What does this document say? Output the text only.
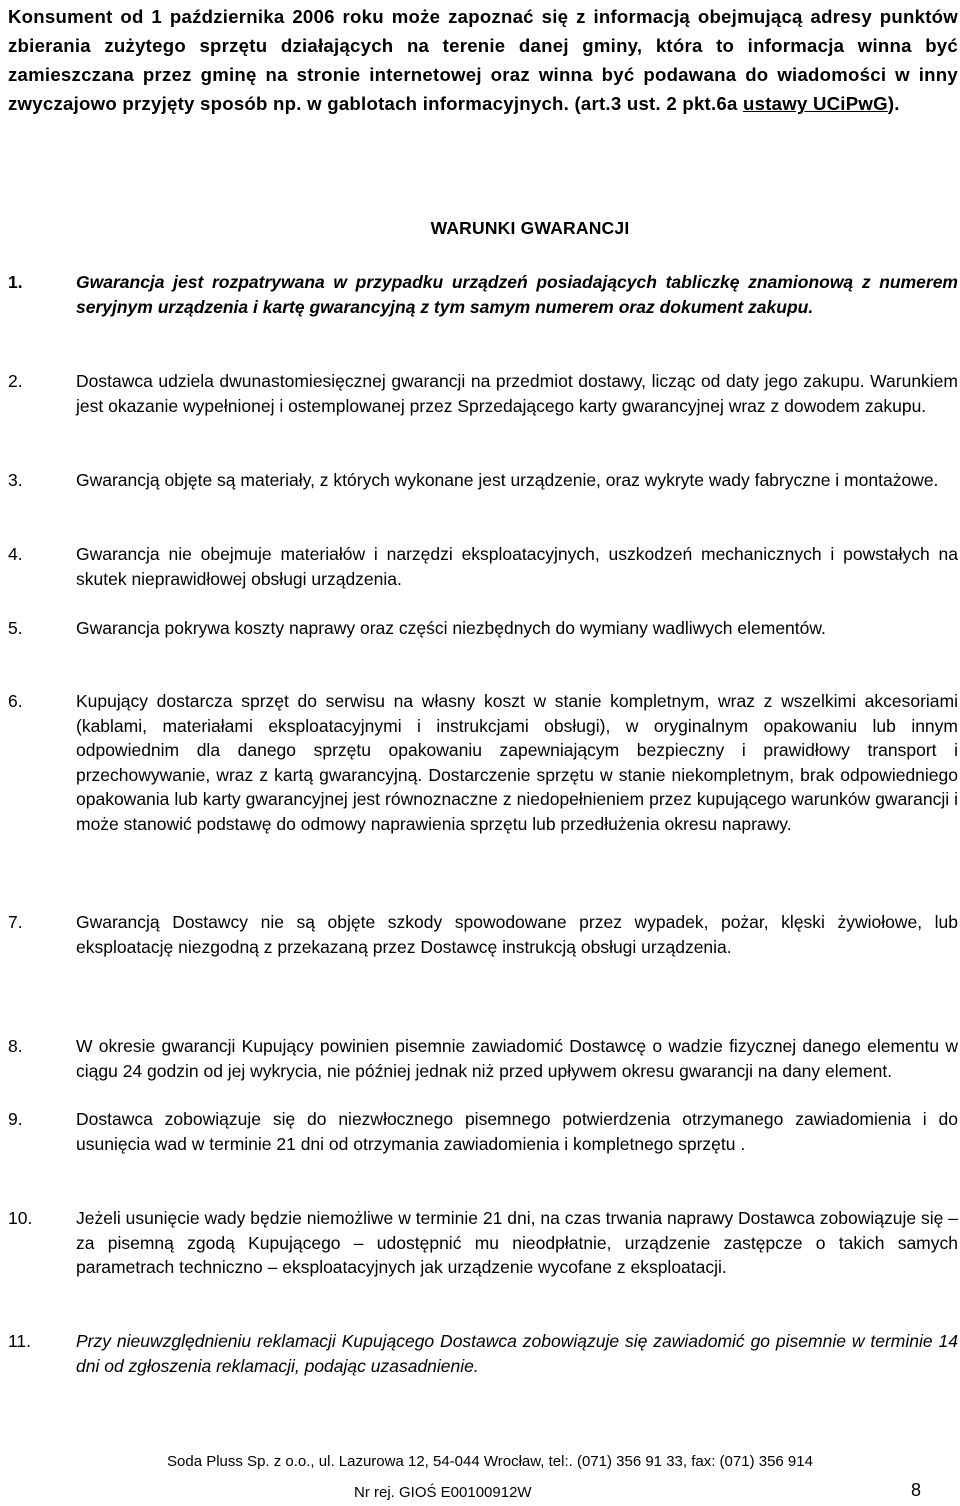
Konsument od 1 października 2006 roku może zapoznać się z informacją obejmującą adresy punktów zbierania zużytego sprzętu działających na terenie danej gminy, która to informacja winna być zamieszczana przez gminę na stronie internetowej oraz winna być podawana do wiadomości w inny zwyczajowo przyjęty sposób np. w gablotach informacyjnych. (art.3 ust. 2 pkt.6a ustawy UCiPwG).
WARUNKI GWARANCJI
1.	Gwarancja jest rozpatrywana w przypadku urządzeń posiadających tabliczkę znamionową z numerem seryjnym urządzenia i kartę gwarancyjną z tym samym numerem oraz dokument zakupu.
2.	Dostawca udziela dwunastomiesięcznej gwarancji na przedmiot dostawy, licząc od daty jego zakupu. Warunkiem jest okazanie wypełnionej i ostemplowanej przez Sprzedającego karty gwarancyjnej wraz z dowodem zakupu.
3.	Gwarancją objęte są materiały, z których wykonane jest urządzenie, oraz wykryte wady fabryczne i montażowe.
4.	Gwarancja nie obejmuje materiałów i narzędzi eksploatacyjnych, uszkodzeń mechanicznych i powstałych na skutek nieprawidłowej obsługi urządzenia.
5.	Gwarancja pokrywa koszty naprawy oraz części niezbędnych do wymiany wadliwych elementów.
6.	Kupujący dostarcza sprzęt do serwisu na własny koszt w stanie kompletnym, wraz z wszelkimi akcesoriami (kablami, materiałami eksploatacyjnymi i instrukcjami obsługi), w oryginalnym opakowaniu lub innym odpowiednim dla danego sprzętu opakowaniu zapewniającym bezpieczny i prawidłowy transport i przechowywanie, wraz z kartą gwarancyjną. Dostarczenie sprzętu w stanie niekompletnym, brak odpowiedniego opakowania lub karty gwarancyjnej jest równoznaczne z niedopełnieniem przez kupującego warunków gwarancji i może stanowić podstawę do odmowy naprawienia sprzętu lub przedłużenia okresu naprawy.
7.	Gwarancją Dostawcy nie są objęte szkody spowodowane przez wypadek, pożar, klęski żywiołowe, lub eksploatację niezgodną z przekazaną przez Dostawcę instrukcją obsługi urządzenia.
8.	W okresie gwarancji Kupujący powinien pisemnie zawiadomić Dostawcę o wadzie fizycznej danego elementu w ciągu 24 godzin od jej wykrycia, nie później jednak niż przed upływem okresu gwarancji na dany element.
9.	Dostawca zobowiązuje się do niezwłocznego pisemnego potwierdzenia otrzymanego zawiadomienia i do usunięcia wad w terminie 21 dni od otrzymania zawiadomienia i kompletnego sprzętu .
10.	Jeżeli usunięcie wady będzie niemożliwe w terminie 21 dni, na czas trwania naprawy Dostawca zobowiązuje się – za pisemną zgodą Kupującego – udostępnić mu nieodpłatnie, urządzenie zastępcze o takich samych parametrach techniczno – eksploatacyjnych jak urządzenie wycofane z eksploatacji.
11.	Przy nieuwzględnieniu reklamacji Kupującego Dostawca zobowiązuje się zawiadomić go pisemnie w terminie 14 dni od zgłoszenia reklamacji, podając uzasadnienie.
Soda Pluss Sp. z o.o., ul. Lazurowa 12, 54-044 Wrocław, tel:. (071) 356 91 33, fax: (071) 356 914
Nr rej. GIOŚ E00100912W	8
